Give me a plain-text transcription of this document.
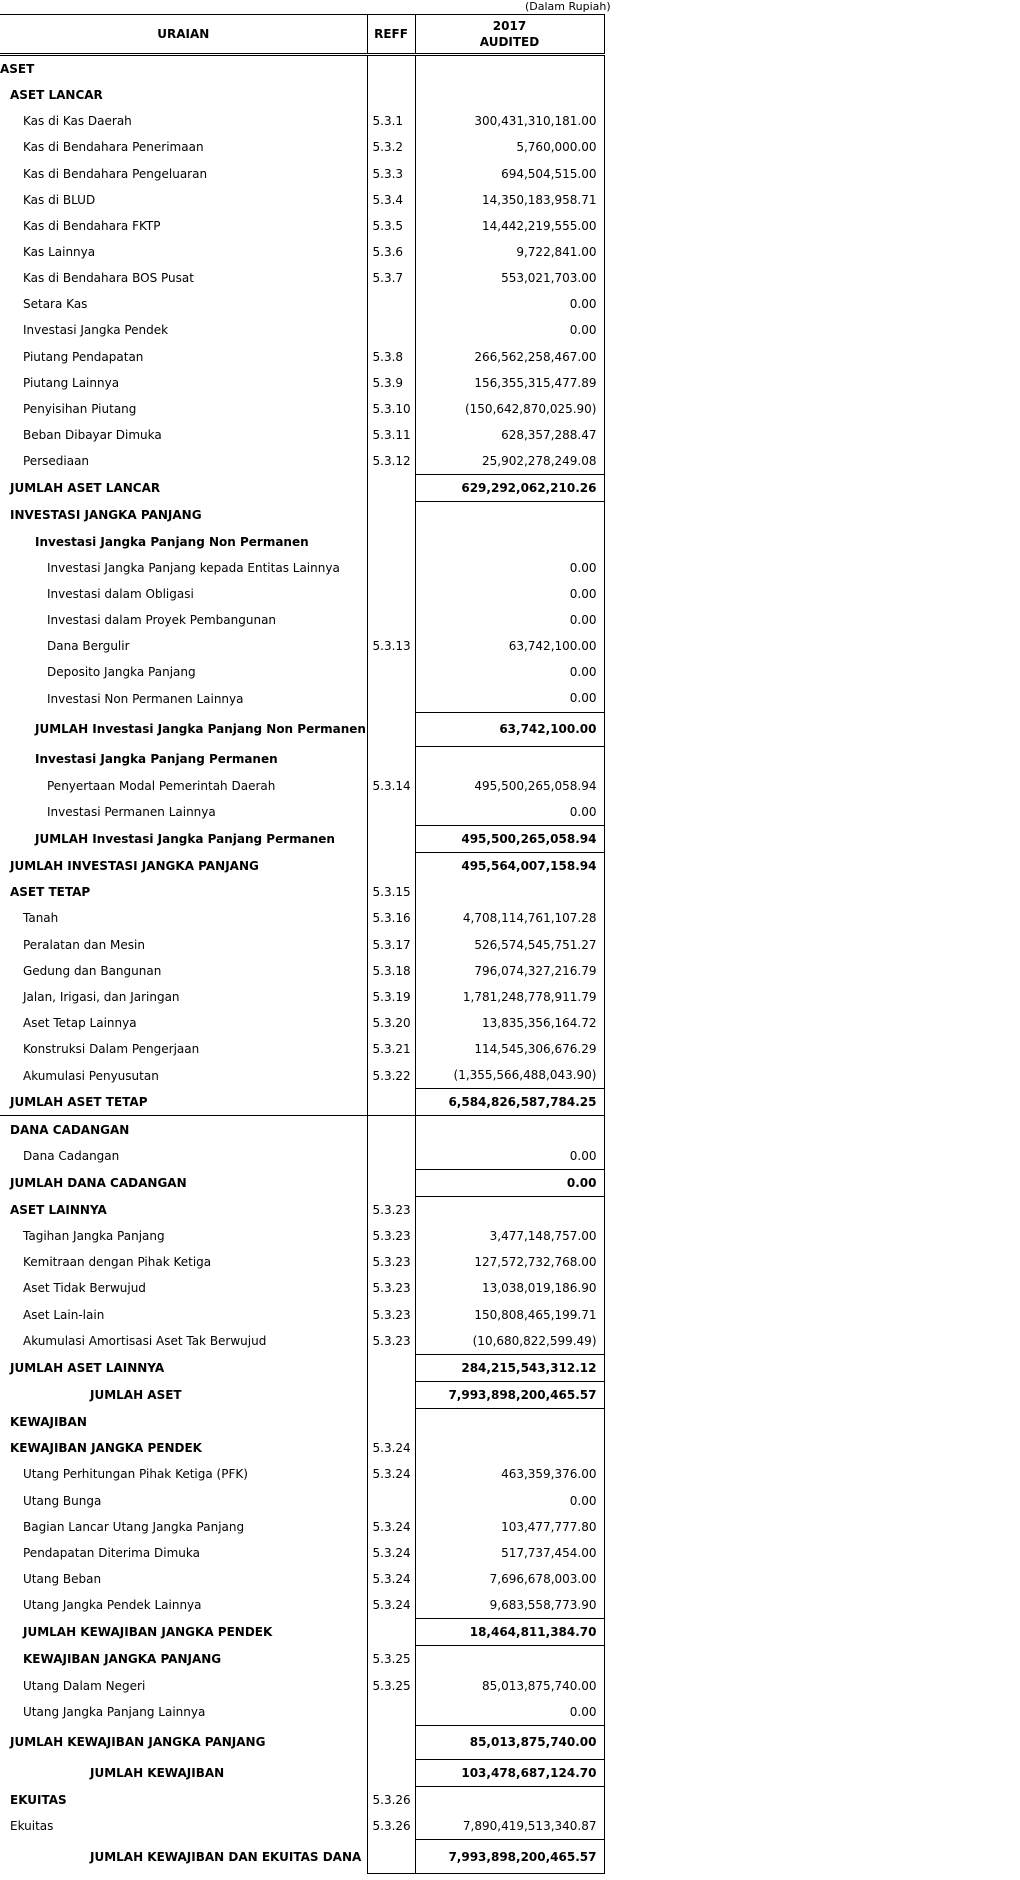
(Dalam Rupiah)
URAIAN	REFF	2017
AUDITED

ASET		
ASET LANCAR		
Kas di Kas Daerah	5.3.1	300,431,310,181.00
Kas di Bendahara Penerimaan	5.3.2	5,760,000.00
Kas di Bendahara Pengeluaran	5.3.3	694,504,515.00
Kas di BLUD	5.3.4	14,350,183,958.71
Kas di Bendahara FKTP	5.3.5	14,442,219,555.00
Kas Lainnya	5.3.6	9,722,841.00
Kas di Bendahara BOS Pusat	5.3.7	553,021,703.00
Setara Kas		0.00
Investasi Jangka Pendek		0.00
Piutang Pendapatan	5.3.8	266,562,258,467.00
Piutang Lainnya	5.3.9	156,355,315,477.89
Penyisihan Piutang	5.3.10	(150,642,870,025.90)
Beban Dibayar Dimuka	5.3.11	628,357,288.47
Persediaan	5.3.12	25,902,278,249.08
JUMLAH ASET LANCAR		629,292,062,210.26
INVESTASI JANGKA PANJANG		
Investasi Jangka Panjang Non Permanen		
Investasi Jangka Panjang kepada Entitas Lainnya		0.00
Investasi dalam Obligasi		0.00
Investasi dalam Proyek Pembangunan		0.00
Dana Bergulir	5.3.13	63,742,100.00
Deposito Jangka Panjang		0.00
Investasi Non Permanen Lainnya		0.00
JUMLAH Investasi Jangka Panjang Non Permanen		63,742,100.00
Investasi Jangka Panjang Permanen		
Penyertaan Modal Pemerintah Daerah	5.3.14	495,500,265,058.94
Investasi Permanen Lainnya		0.00
JUMLAH Investasi Jangka Panjang Permanen		495,500,265,058.94
JUMLAH INVESTASI JANGKA PANJANG		495,564,007,158.94
ASET TETAP	5.3.15	
Tanah	5.3.16	4,708,114,761,107.28
Peralatan dan Mesin	5.3.17	526,574,545,751.27
Gedung dan Bangunan	5.3.18	796,074,327,216.79
Jalan, Irigasi, dan Jaringan	5.3.19	1,781,248,778,911.79
Aset Tetap Lainnya	5.3.20	13,835,356,164.72
Konstruksi Dalam Pengerjaan	5.3.21	114,545,306,676.29
Akumulasi Penyusutan	5.3.22	(1,355,566,488,043.90)
JUMLAH ASET TETAP		6,584,826,587,784.25
DANA CADANGAN		
Dana Cadangan		0.00
JUMLAH DANA CADANGAN		0.00
ASET LAINNYA	5.3.23	
Tagihan Jangka Panjang	5.3.23	3,477,148,757.00
Kemitraan dengan Pihak Ketiga	5.3.23	127,572,732,768.00
Aset Tidak Berwujud	5.3.23	13,038,019,186.90
Aset Lain-lain	5.3.23	150,808,465,199.71
Akumulasi Amortisasi Aset Tak Berwujud	5.3.23	(10,680,822,599.49)
JUMLAH ASET LAINNYA		284,215,543,312.12
JUMLAH ASET		7,993,898,200,465.57
KEWAJIBAN		
KEWAJIBAN JANGKA PENDEK	5.3.24	
Utang Perhitungan Pihak Ketiga (PFK)	5.3.24	463,359,376.00
Utang Bunga		0.00
Bagian Lancar Utang Jangka Panjang	5.3.24	103,477,777.80
Pendapatan Diterima Dimuka	5.3.24	517,737,454.00
Utang Beban	5.3.24	7,696,678,003.00
Utang Jangka Pendek Lainnya	5.3.24	9,683,558,773.90
JUMLAH KEWAJIBAN JANGKA PENDEK		18,464,811,384.70
KEWAJIBAN JANGKA PANJANG	5.3.25	
Utang Dalam Negeri	5.3.25	85,013,875,740.00
Utang Jangka Panjang Lainnya		0.00
JUMLAH KEWAJIBAN JANGKA PANJANG		85,013,875,740.00
JUMLAH KEWAJIBAN		103,478,687,124.70
EKUITAS	5.3.26	
Ekuitas	5.3.26	7,890,419,513,340.87
JUMLAH KEWAJIBAN DAN EKUITAS DANA		7,993,898,200,465.57
